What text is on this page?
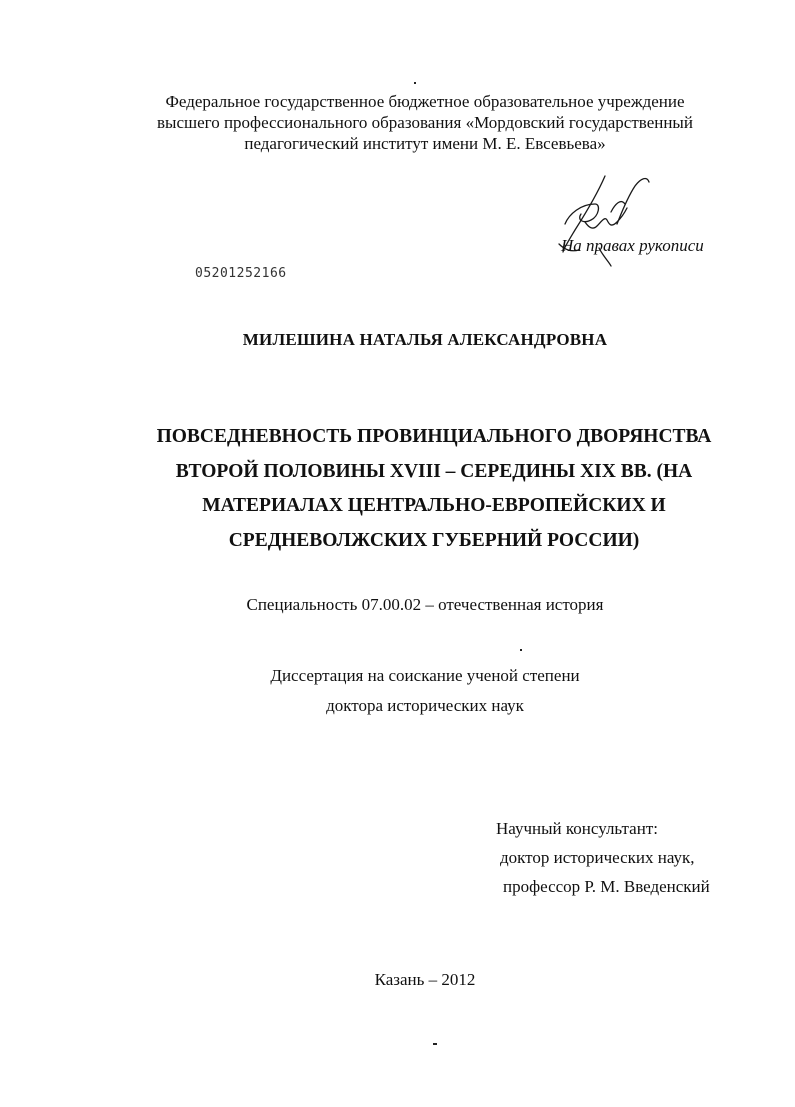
Федеральное государственное бюджетное образовательное учреждение
высшего профессионального образования «Мордовский государственный
педагогический институт имени М. Е. Евсевьева»
На правах рукописи
05201252166
МИЛЕШИНА НАТАЛЬЯ АЛЕКСАНДРОВНА
ПОВСЕДНЕВНОСТЬ ПРОВИНЦИАЛЬНОГО ДВОРЯНСТВА
ВТОРОЙ ПОЛОВИНЫ XVIII – СЕРЕДИНЫ XIX ВВ. (НА
МАТЕРИАЛАХ ЦЕНТРАЛЬНО-ЕВРОПЕЙСКИХ И
СРЕДНЕВОЛЖСКИХ ГУБЕРНИЙ РОССИИ)
Специальность 07.00.02 – отечественная история
Диссертация на соискание ученой степени
доктора исторических наук
Научный консультант:
доктор исторических наук,
профессор Р. М. Введенский
Казань – 2012
